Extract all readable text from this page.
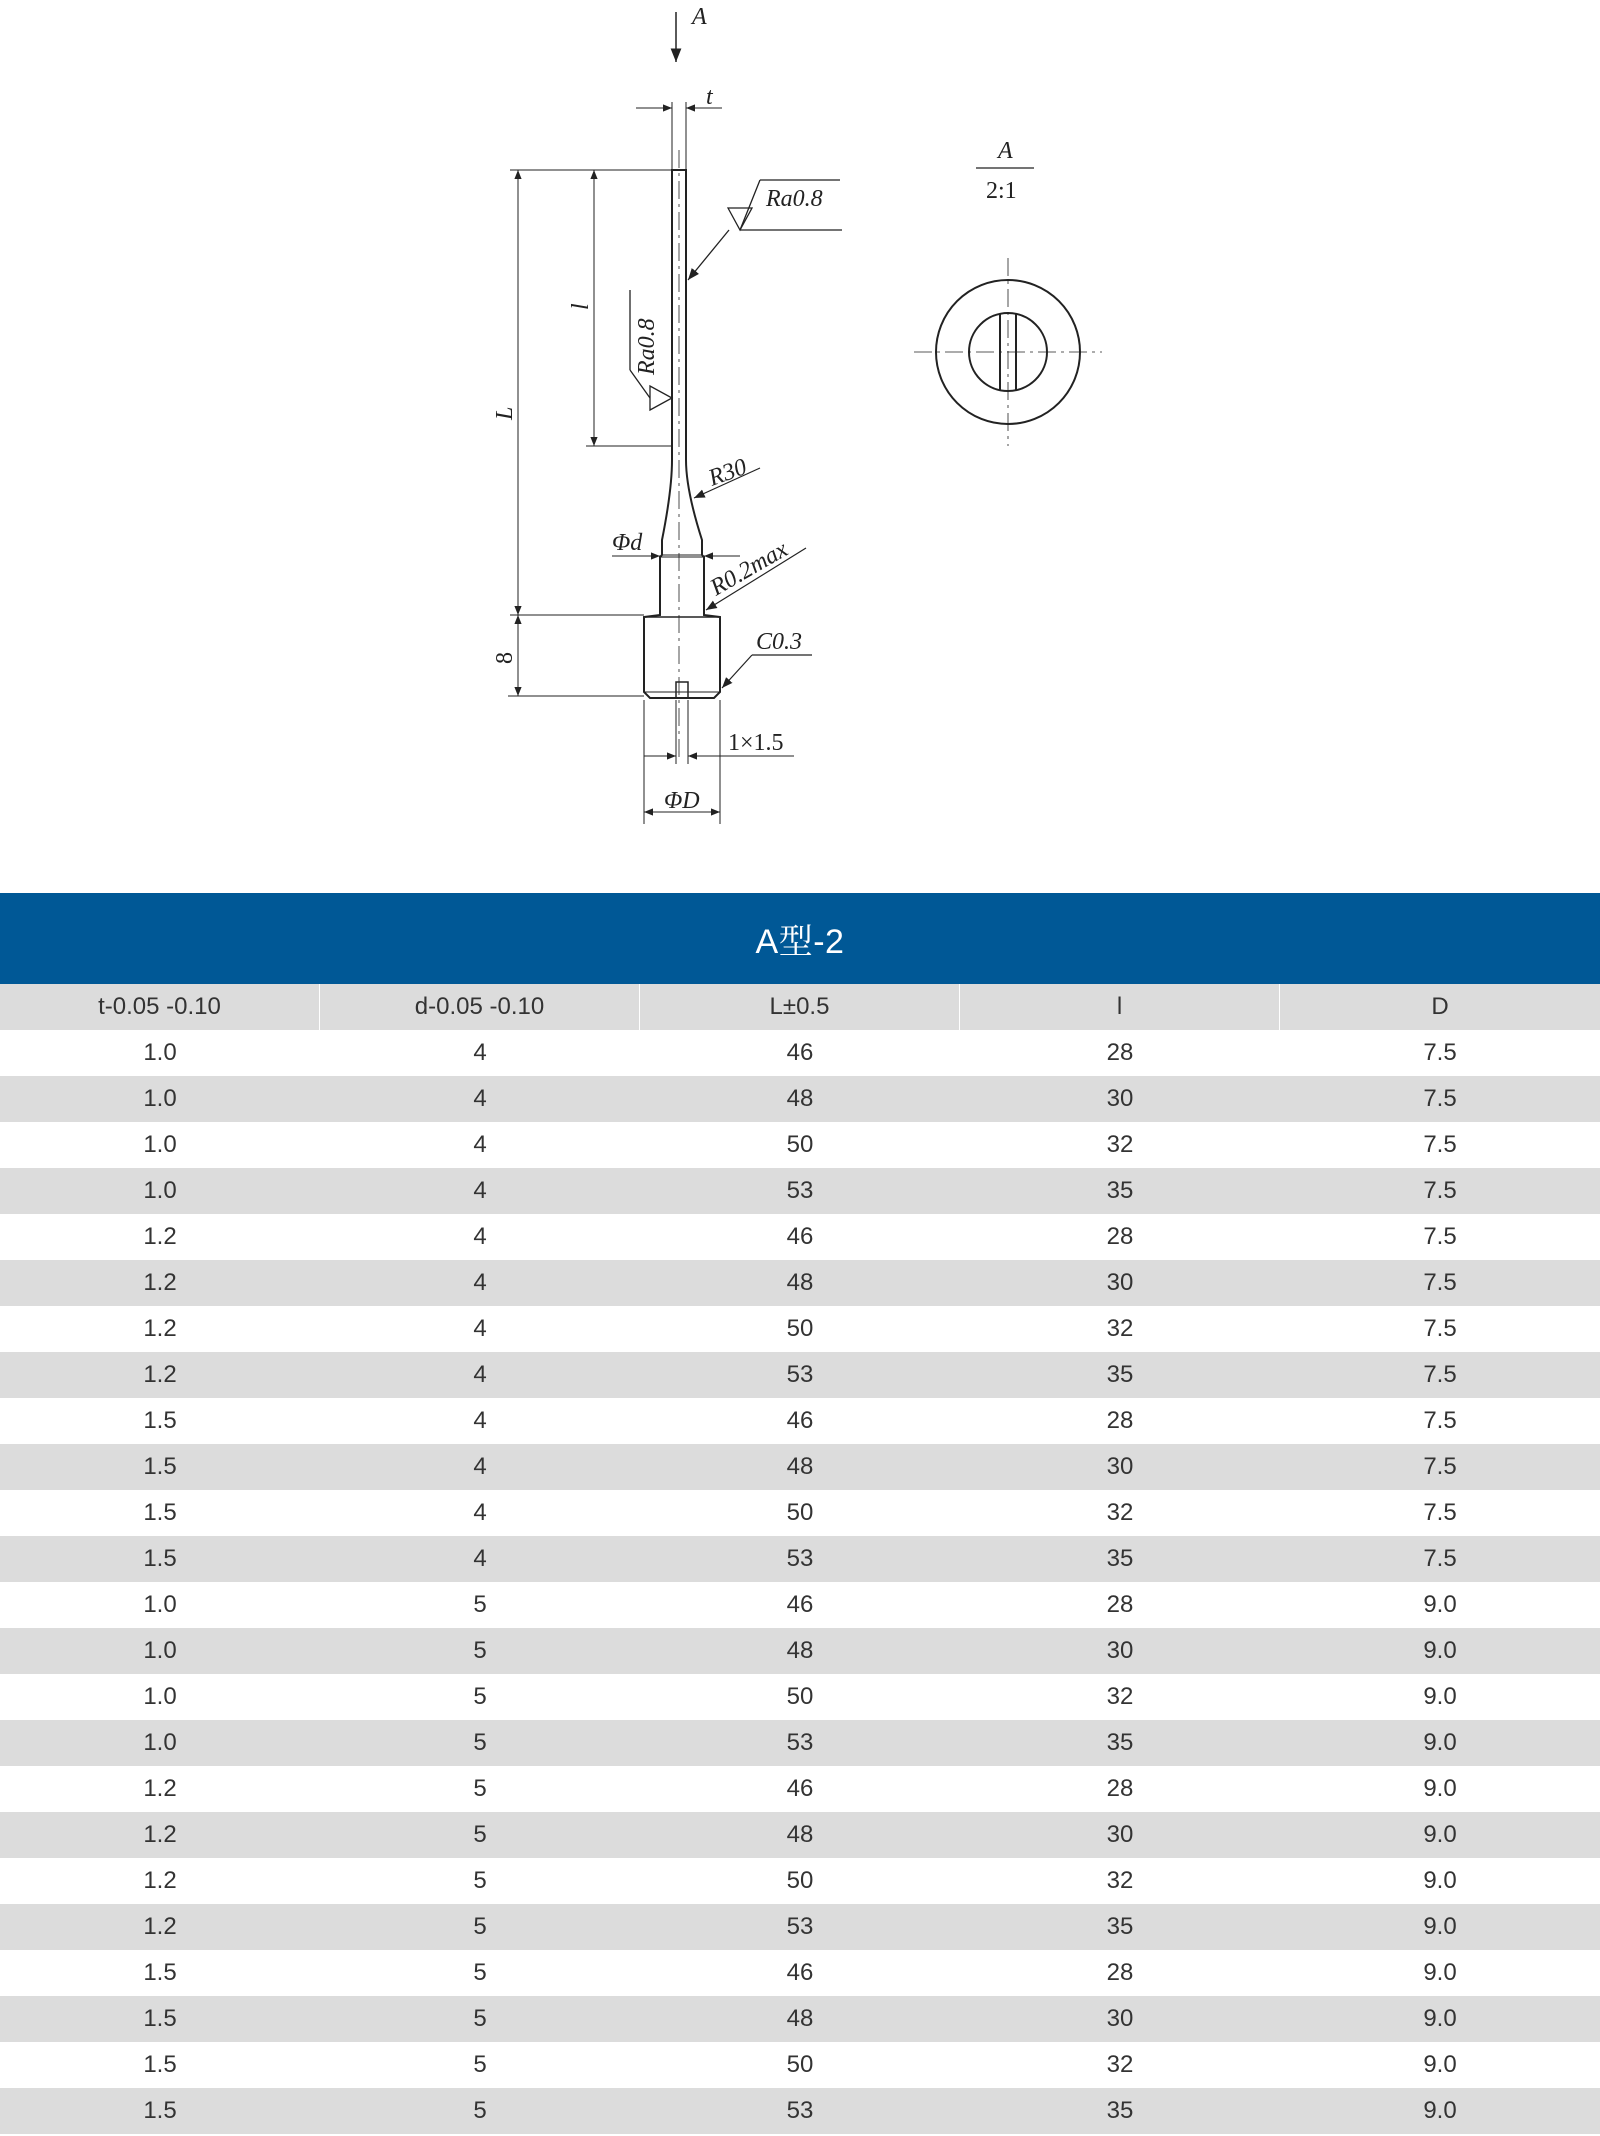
A
t
L
l
8
Ra0.8
Ra0.8
R30
Φd	R0.2max
C0.3
1×1.5
ΦD
A
2:1
A型-2
t-0.05 -0.10	d-0.05 -0.10	L±0.5	l	D
1.0	4	46	28	7.5
1.0	4	48	30	7.5
1.0	4	50	32	7.5
1.0	4	53	35	7.5
1.2	4	46	28	7.5
1.2	4	48	30	7.5
1.2	4	50	32	7.5
1.2	4	53	35	7.5
1.5	4	46	28	7.5
1.5	4	48	30	7.5
1.5	4	50	32	7.5
1.5	4	53	35	7.5
1.0	5	46	28	9.0
1.0	5	48	30	9.0
1.0	5	50	32	9.0
1.0	5	53	35	9.0
1.2	5	46	28	9.0
1.2	5	48	30	9.0
1.2	5	50	32	9.0
1.2	5	53	35	9.0
1.5	5	46	28	9.0
1.5	5	48	30	9.0
1.5	5	50	32	9.0
1.5	5	53	35	9.0
